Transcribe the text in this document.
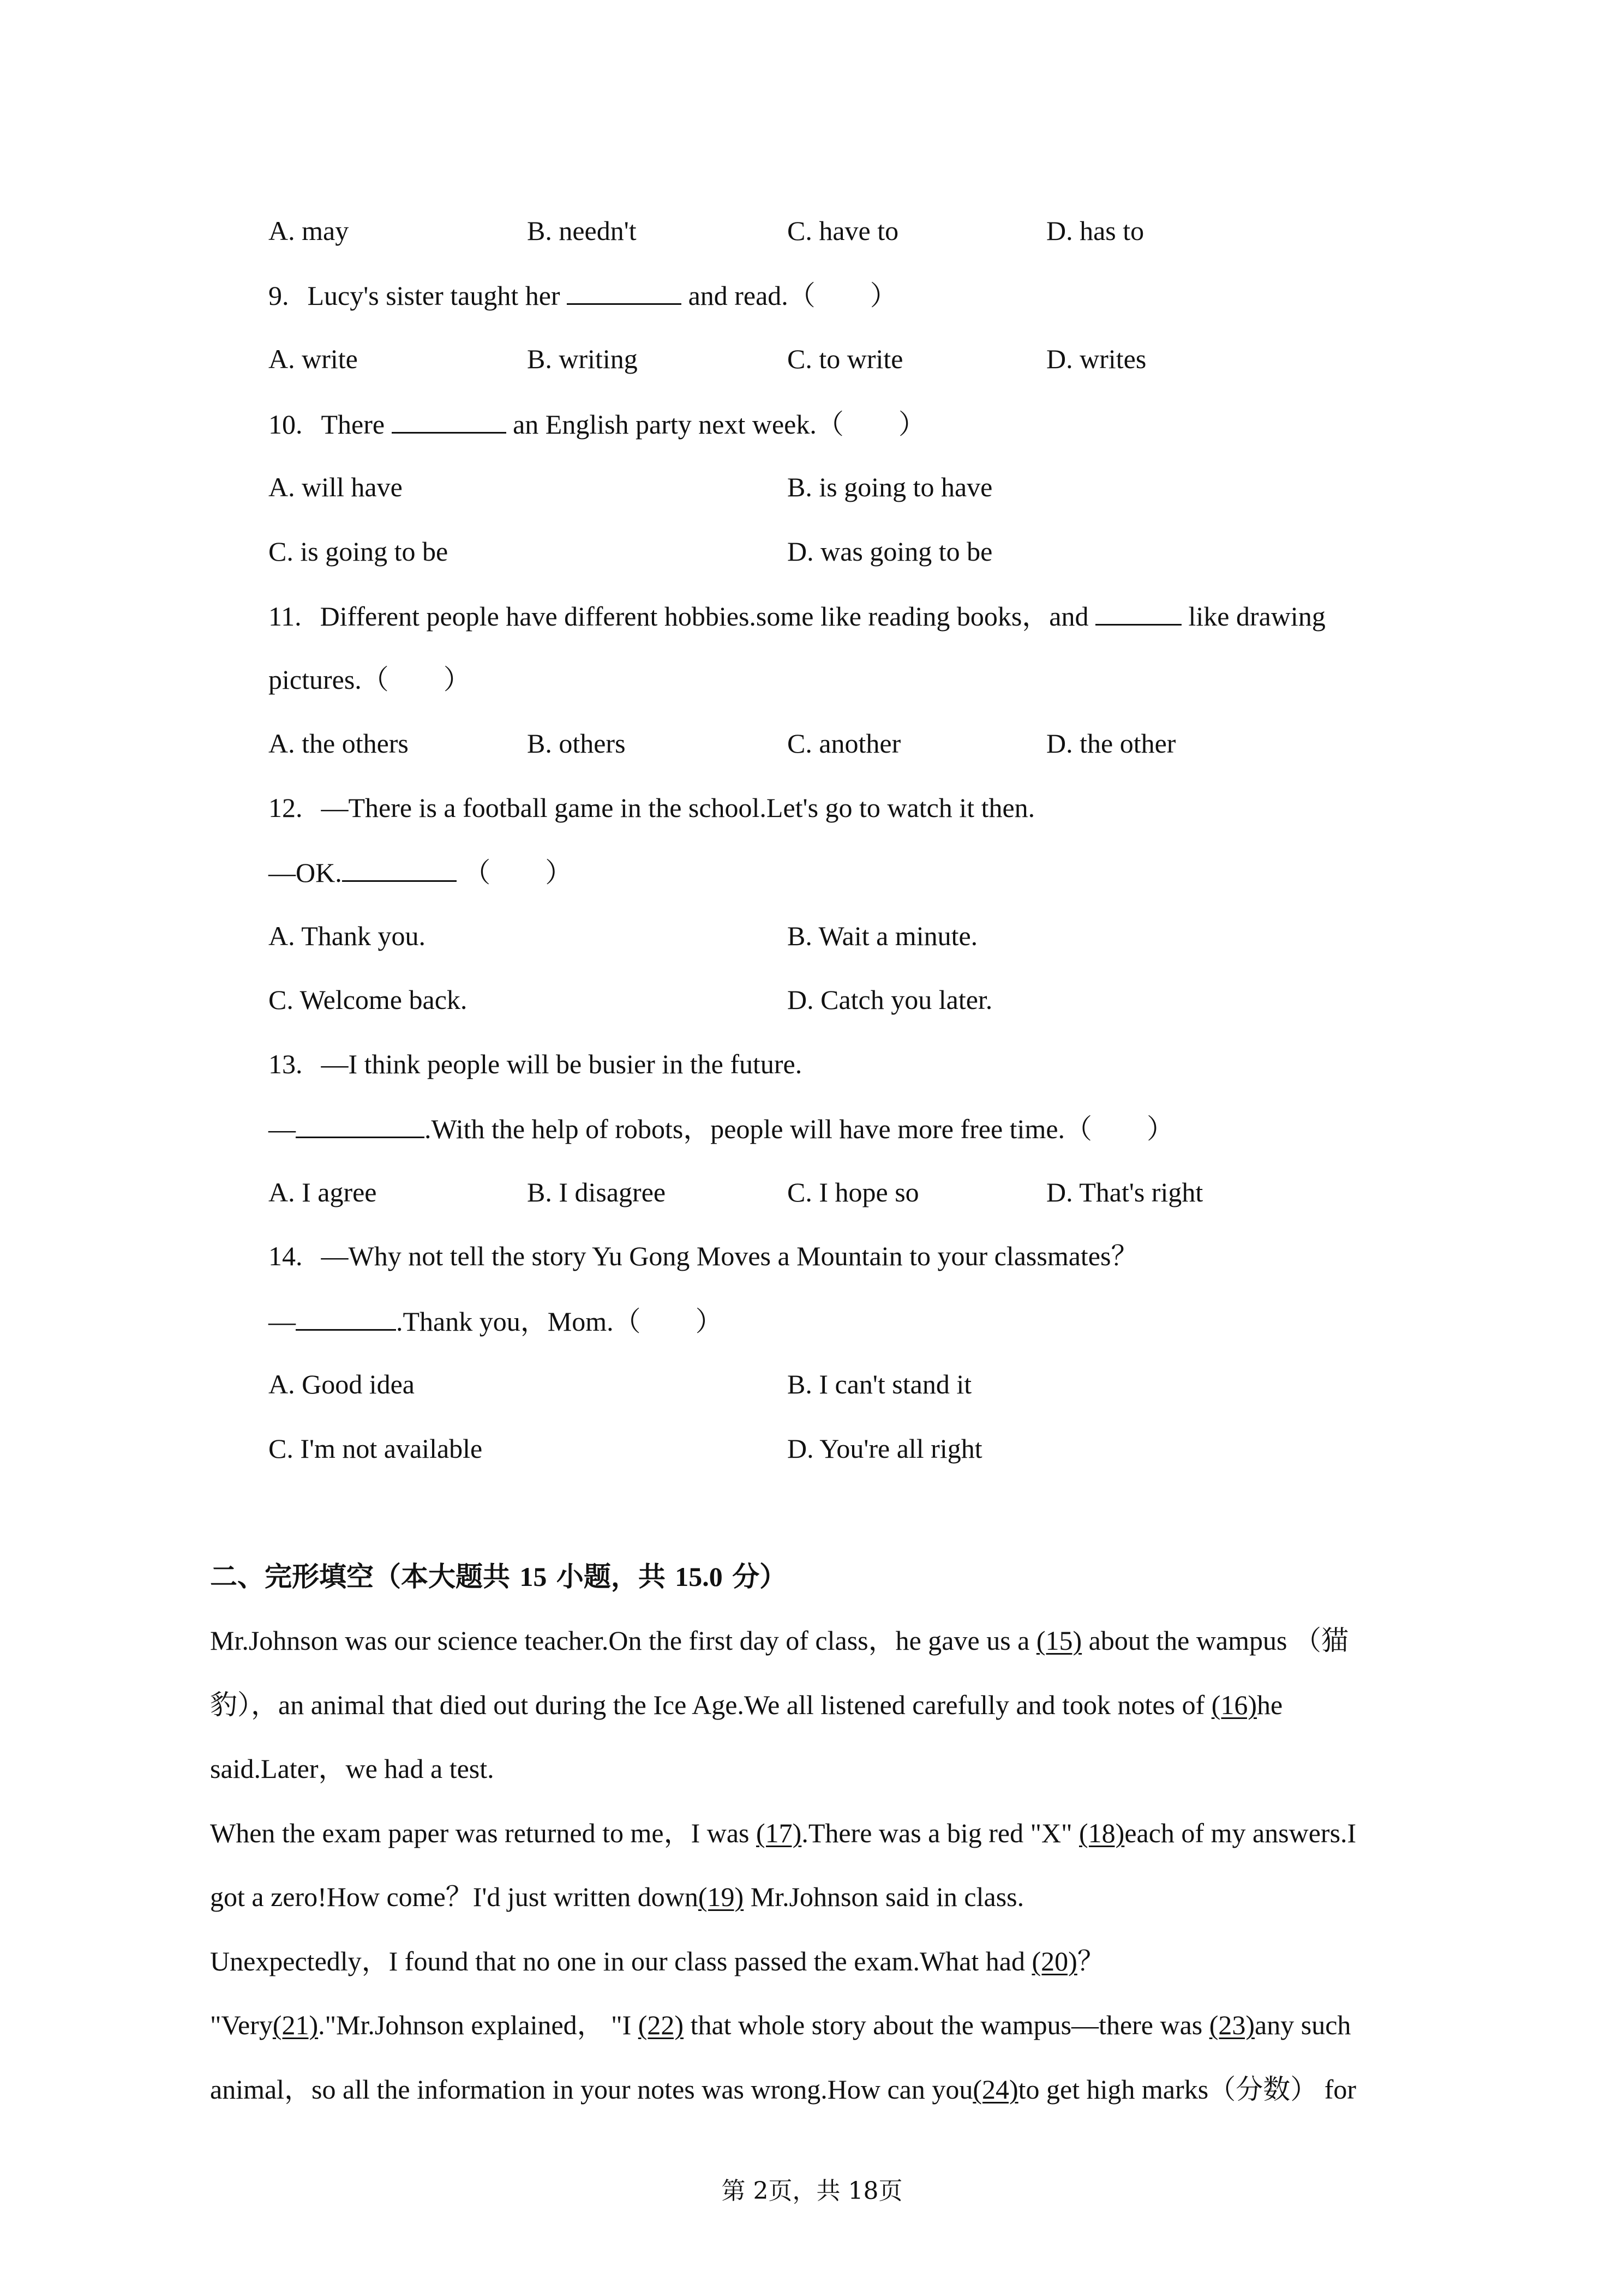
A. may	B. needn't	C. have to	D. has to
9. Lucy's sister taught her	and read.（　　）
A. write	B. writing	C. to write	D. writes
10. There	an English party next week.（　　）
A. will have	B. is going to have
C. is going to be	D. was going to be
11. Different people have different hobbies.some like reading books，and	like drawing
pictures.（　　）
A. the others	B. others	C. another	D. the other
12. —There is a football game in the school.Let's go to watch it then.
—OK.	（　　）
A. Thank you.	B. Wait a minute.
C. Welcome back.	D. Catch you later.
13. —I think people will be busier in the future.
—	.With the help of robots，people will have more free time.（　　）
A. I agree	B. I disagree	C. I hope so	D. That's right
14. —Why not tell the story Yu Gong Moves a Mountain to your classmates？
—	.Thank you，Mom.（　　）
A. Good idea	B. I can't stand it
C. I'm not available	D. You're all right
二、完形填空（本大题共 15 小题，共 15.0 分）
Mr.Johnson was our science teacher.On the first day of class，he gave us a (15) about the wampus （猫
豹），an animal that died out during the Ice Age.We all listened carefully and took notes of (16)he
said.Later，we had a test.
When the exam paper was returned to me，I was (17).There was a big red "X" (18)each of my answers.I
got a zero!How come？I'd just written down(19) Mr.Johnson said in class.
Unexpectedly，I found that no one in our class passed the exam.What had (20)？
"Very(21)."Mr.Johnson explained， "I (22) that whole story about the wampus—there was (23)any such
animal，so all the information in your notes was wrong.How can you(24)to get high marks（分数） for
第 2页，共 18页
